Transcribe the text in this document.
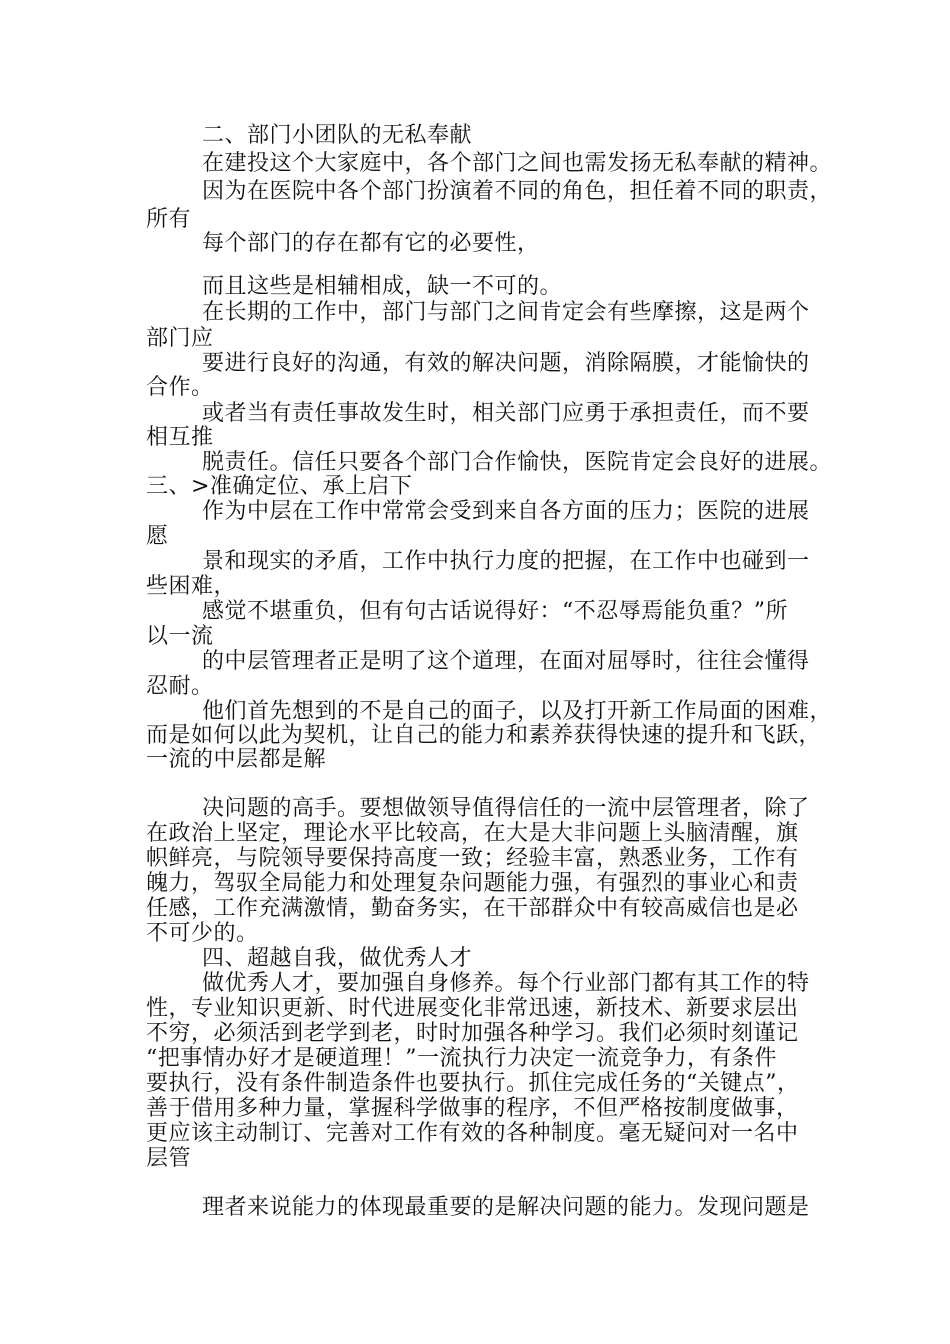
二、部门小团队的无私奉献
在建投这个大家庭中，各个部门之间也需发扬无私奉献的精神。
因为在医院中各个部门扮演着不同的角色，担任着不同的职责，
所有
每个部门的存在都有它的必要性，
而且这些是相辅相成，缺一不可的。
在长期的工作中，部门与部门之间肯定会有些摩擦，这是两个
部门应
要进行良好的沟通，有效的解决问题，消除隔膜，才能愉快的
合作。
或者当有责任事故发生时，相关部门应勇于承担责任，而不要
相互推
脱责任。信任只要各个部门合作愉快，医院肯定会良好的进展。
三、>准确定位、承上启下
作为中层在工作中常常会受到来自各方面的压力；医院的进展
愿
景和现实的矛盾，工作中执行力度的把握，在工作中也碰到一
些困难，
感觉不堪重负，但有句古话说得好：“不忍辱焉能负重？”所
以一流
的中层管理者正是明了这个道理，在面对屈辱时，往往会懂得
忍耐。
他们首先想到的不是自己的面子，以及打开新工作局面的困难，
而是如何以此为契机，让自己的能力和素养获得快速的提升和飞跃，
一流的中层都是解
决问题的高手。要想做领导值得信任的一流中层管理者，除了
在政治上坚定，理论水平比较高，在大是大非问题上头脑清醒，旗
帜鲜亮，与院领导要保持高度一致；经验丰富，熟悉业务，工作有
魄力，驾驭全局能力和处理复杂问题能力强，有强烈的事业心和责
任感，工作充满激情，勤奋务实，在干部群众中有较高威信也是必
不可少的。
四、超越自我，做优秀人才
做优秀人才，要加强自身修养。每个行业部门都有其工作的特
性，专业知识更新、时代进展变化非常迅速，新技术、新要求层出
不穷，必须活到老学到老，时时加强各种学习。我们必须时刻谨记
“把事情办好才是硬道理！”一流执行力决定一流竞争力，有条件
要执行，没有条件制造条件也要执行。抓住完成任务的“关键点”，
善于借用多种力量，掌握科学做事的程序，不但严格按制度做事，
更应该主动制订、完善对工作有效的各种制度。毫无疑问对一名中
层管
理者来说能力的体现最重要的是解决问题的能力。发现问题是
